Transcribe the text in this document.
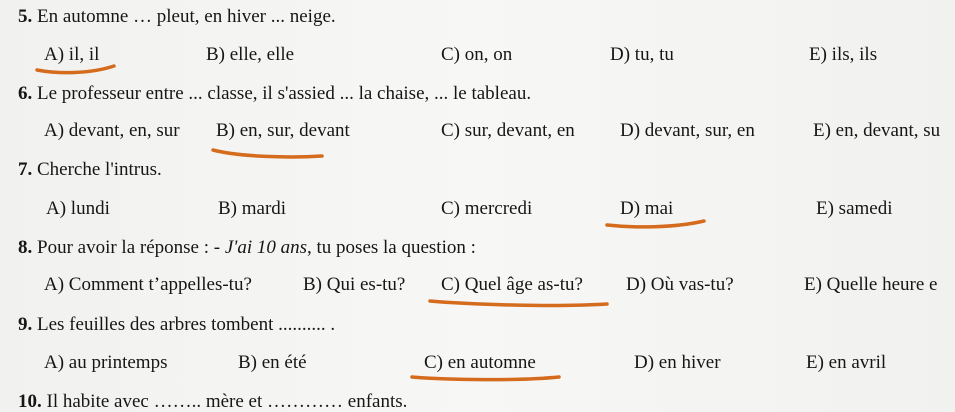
5. En automne … pleut, en hiver ... neige.
A) il, il	B) elle, elle	C) on, on	D) tu, tu	E) ils, ils
6. Le professeur entre ... classe, il s'assied ... la chaise, ... le tableau.
A) devant, en, sur B) en, sur, devant	C) sur, devant, en D) devant, sur, en	E) en, devant, su
7. Cherche l'intrus.
A) lundi	B) mardi	C) mercredi	D) mai	E) samedi
8. Pour avoir la réponse : - J'ai 10 ans, tu poses la question :
A) Comment t’appelles-tu?	B) Qui es-tu? C) Quel âge as-tu? D) Où vas-tu?	E) Quelle heure e
9. Les feuilles des arbres tombent .......... .
A) au printemps	B) en été	C) en automne	D) en hiver	E) en avril
10. Il habite avec …….. mère et ………… enfants.
